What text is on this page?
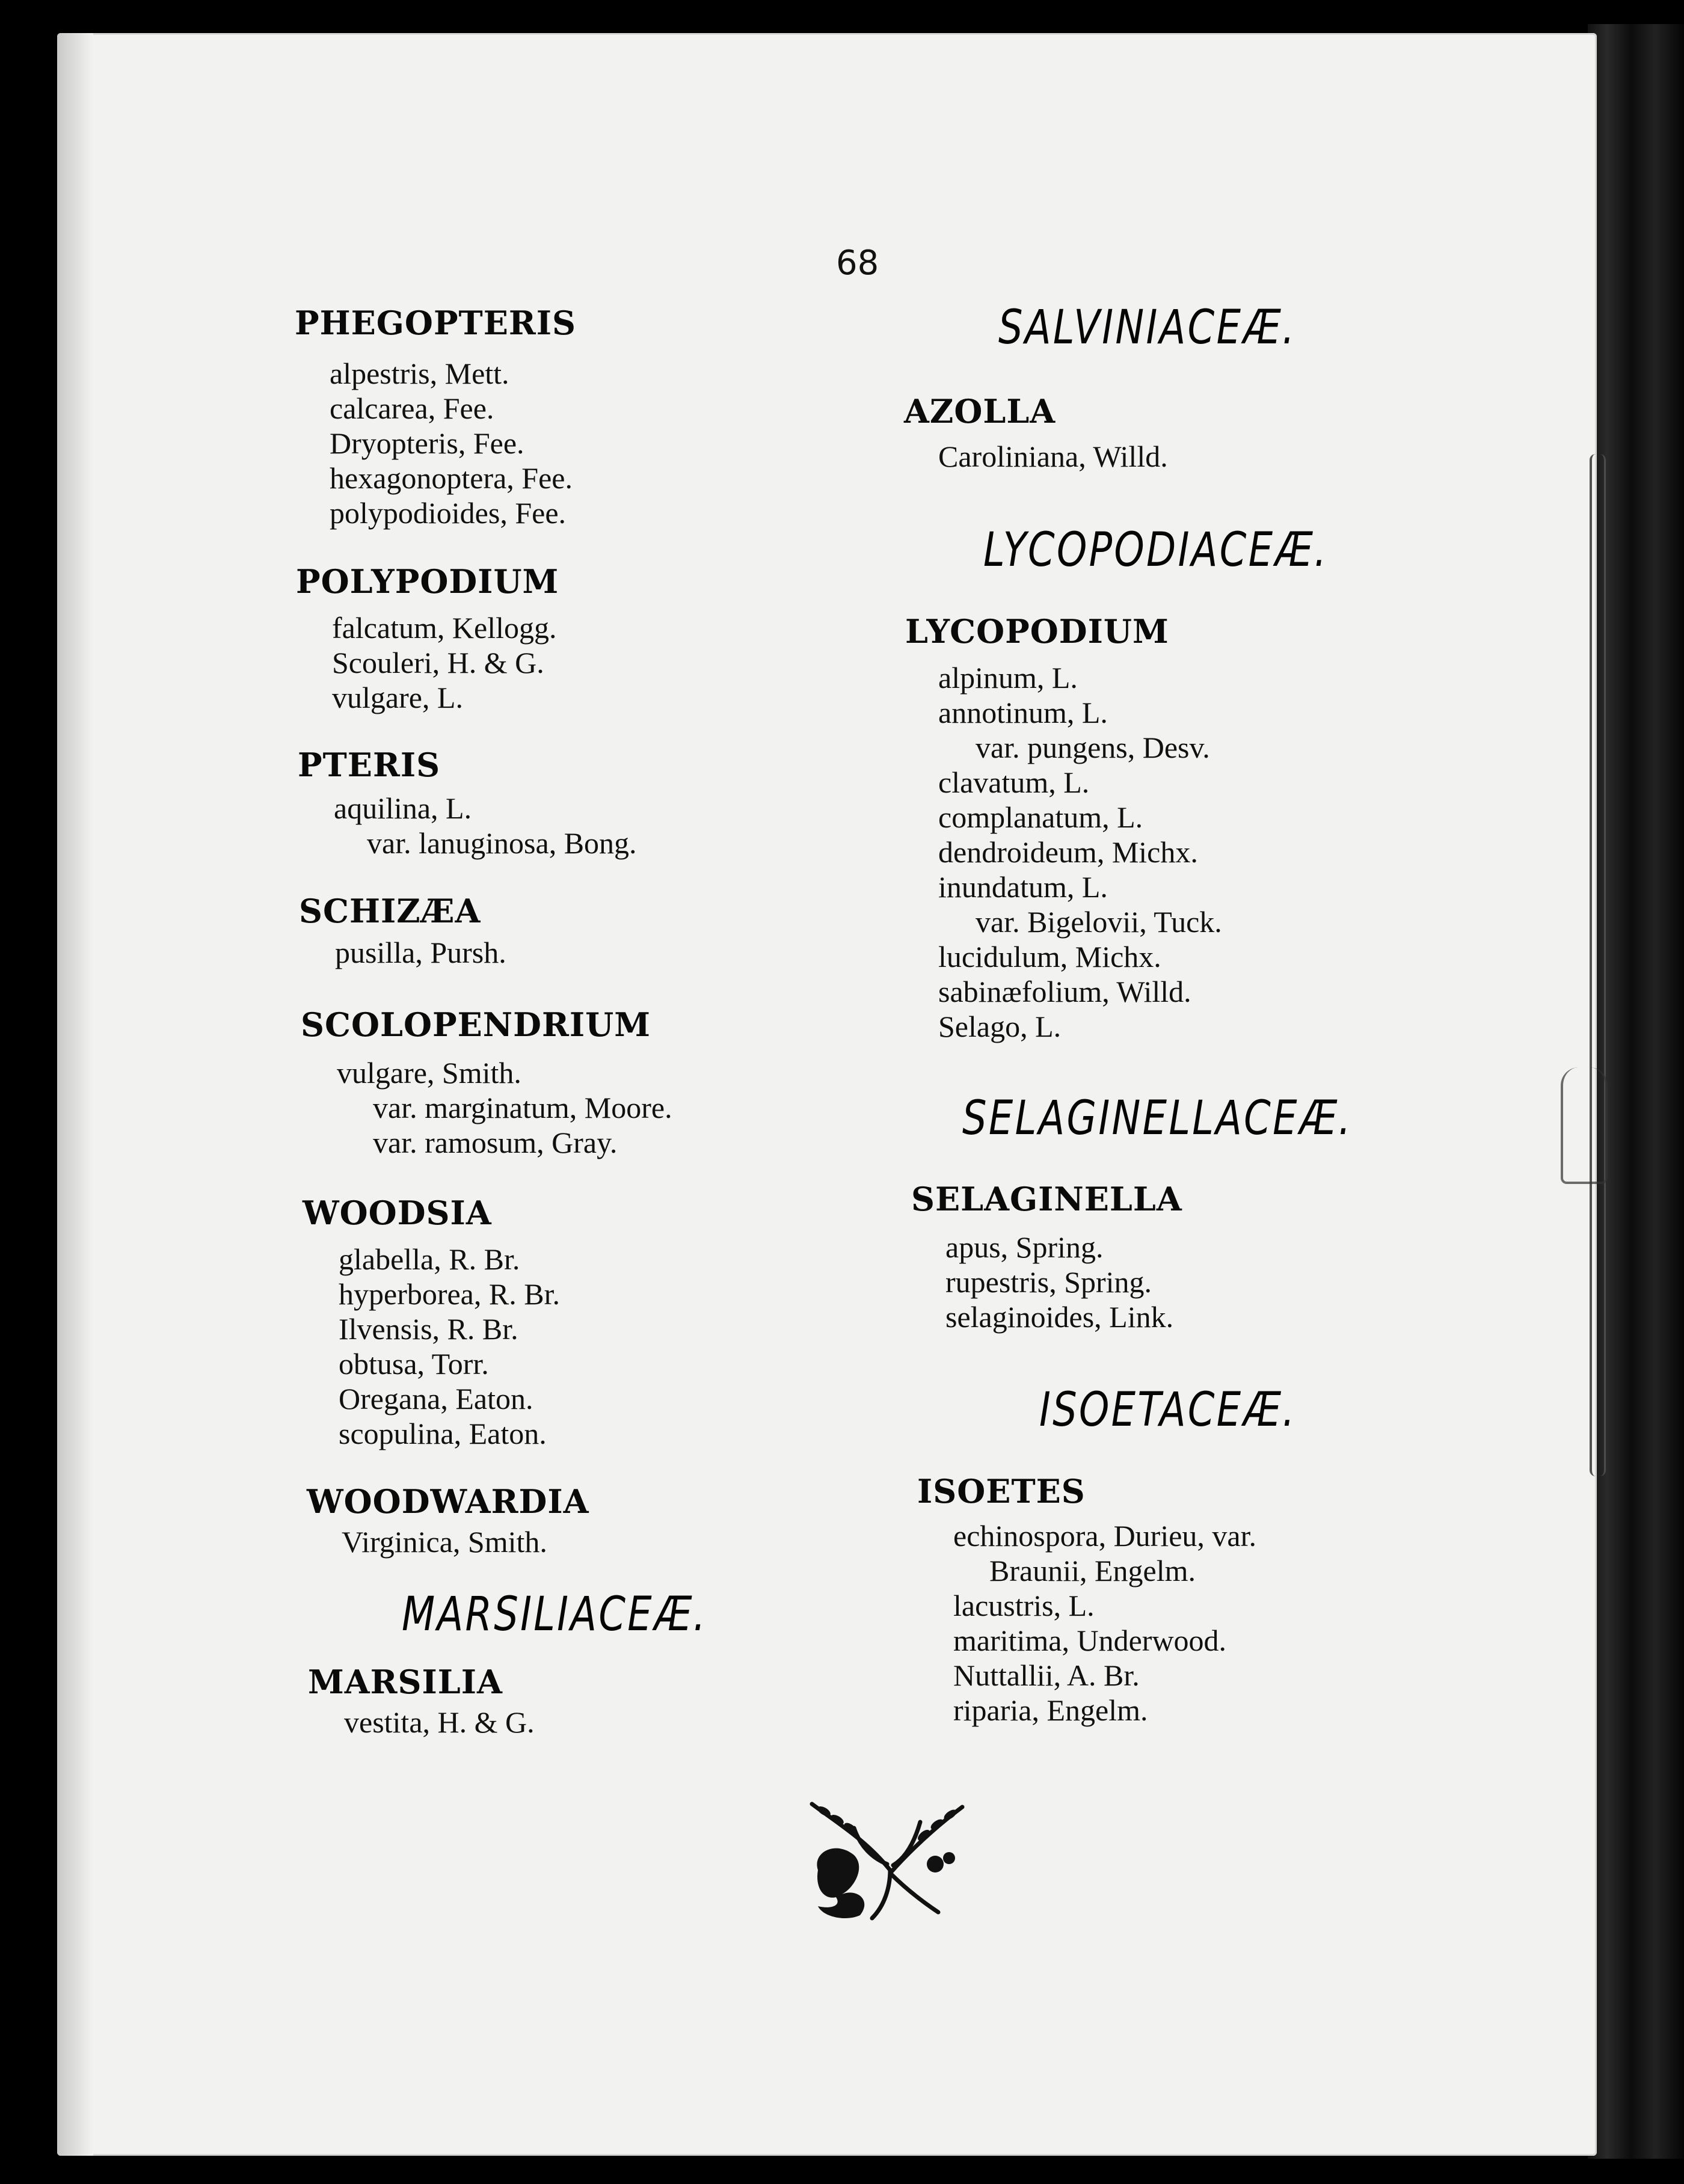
68
PHEGOPTERIS
alpestris, Mett.
calcarea, Fee.
Dryopteris, Fee.
hexagonoptera, Fee.
polypodioides, Fee.
POLYPODIUM
falcatum, Kellogg.
Scouleri, H. & G.
vulgare, L.
PTERIS
aquilina, L.
var. lanuginosa, Bong.
SCHIZÆA
pusilla, Pursh.
SCOLOPENDRIUM
vulgare, Smith.
var. marginatum, Moore.
var. ramosum, Gray.
WOODSIA
glabella, R. Br.
hyperborea, R. Br.
Ilvensis, R. Br.
obtusa, Torr.
Oregana, Eaton.
scopulina, Eaton.
WOODWARDIA
Virginica, Smith.
MARSILIACEÆ.
MARSILIA
vestita, H. & G.
SALVINIACEÆ.
AZOLLA
Caroliniana, Willd.
LYCOPODIACEÆ.
LYCOPODIUM
alpinum, L.
annotinum, L.
var. pungens, Desv.
clavatum, L.
complanatum, L.
dendroideum, Michx.
inundatum, L.
var. Bigelovii, Tuck.
lucidulum, Michx.
sabinæfolium, Willd.
Selago, L.
SELAGINELLACEÆ.
SELAGINELLA
apus, Spring.
rupestris, Spring.
selaginoides, Link.
ISOETACEÆ.
ISOETES
echinospora, Durieu, var.
Braunii, Engelm.
lacustris, L.
maritima, Underwood.
Nuttallii, A. Br.
riparia, Engelm.
